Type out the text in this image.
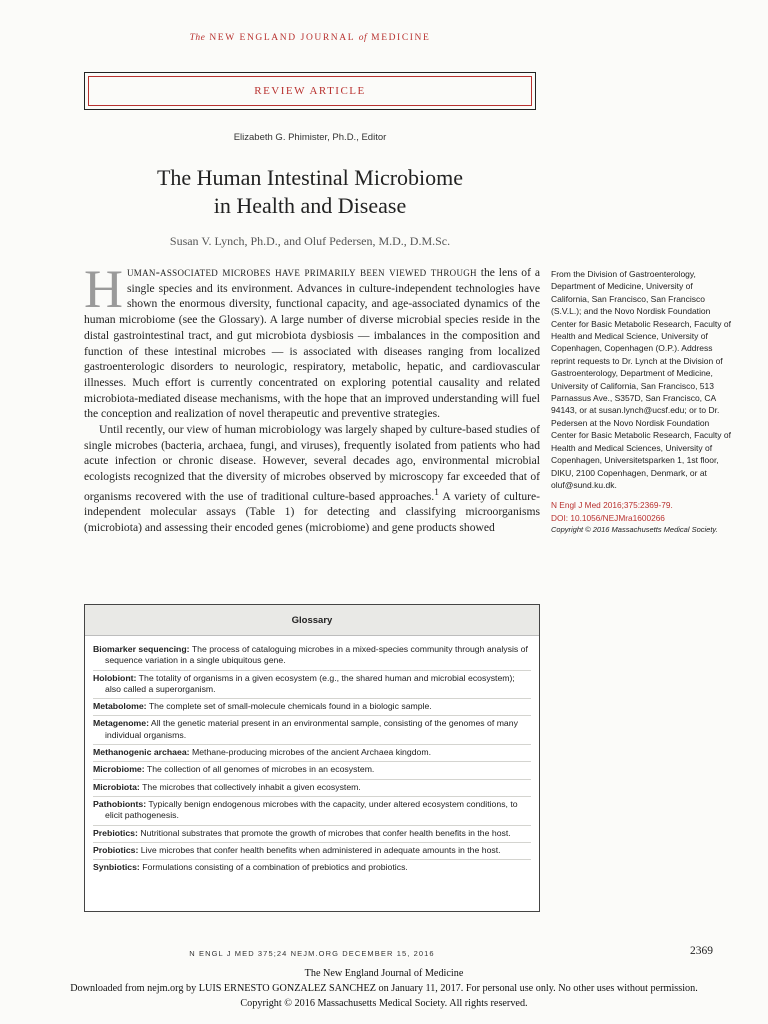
The NEW ENGLAND JOURNAL of MEDICINE
REVIEW ARTICLE
Elizabeth G. Phimister, Ph.D., Editor
The Human Intestinal Microbiome
in Health and Disease
Susan V. Lynch, Ph.D., and Oluf Pedersen, M.D., D.M.Sc.

Human-associated microbes have primarily been viewed through the lens of a single species and its environment. Advances in culture-independent technologies have shown the enormous diversity, functional capacity, and age-associated dynamics of the human microbiome (see the Glossary). A large number of diverse microbial species reside in the distal gastrointestinal tract, and gut microbiota dysbiosis — imbalances in the composition and function of these intestinal microbes — is associated with diseases ranging from localized gastroenterologic disorders to neurologic, respiratory, metabolic, hepatic, and cardiovascular illnesses. Much effort is currently concentrated on exploring potential causality and related microbiota-mediated disease mechanisms, with the hope that an improved understanding will fuel the conception and realization of novel therapeutic and preventive strategies.

Until recently, our view of human microbiology was largely shaped by culture-based studies of single microbes (bacteria, archaea, fungi, and viruses), frequently isolated from patients who had acute infection or chronic disease. However, several decades ago, environmental microbial ecologists recognized that the diversity of microbes observed by microscopy far exceeded that of organisms recovered with the use of traditional culture-based approaches.$^1$ A variety of culture-independent molecular assays (Table 1) for detecting and classifying microorganisms (microbiota) and assessing their encoded genes (microbiome) and gene products showed

From the Division of Gastroenterology, Department of Medicine, University of California, San Francisco, San Francisco (S.V.L.); and the Novo Nordisk Foundation Center for Basic Metabolic Research, Faculty of Health and Medical Science, University of Copenhagen, Copenhagen (O.P.). Address reprint requests to Dr. Lynch at the Division of Gastroenterology, Department of Medicine, University of California, San Francisco, 513 Parnassus Ave., S357D, San Francisco, CA 94143, or at susan.lynch@ucsf.edu; or to Dr. Pedersen at the Novo Nordisk Foundation Center for Basic Metabolic Research, Faculty of Health and Medical Sciences, University of Copenhagen, Universitetsparken 1, 1st floor, DIKU, 2100 Copenhagen, Denmark, or at oluf@sund.ku.dk.

N Engl J Med 2016;375:2369-79.

DOI: 10.1056/NEJMra1600266

Copyright © 2016 Massachusetts Medical Society.

Glossary
Biomarker sequencing: The process of cataloguing microbes in a mixed-species community through analysis of sequence variation in a single ubiquitous gene.
Holobiont: The totality of organisms in a given ecosystem (e.g., the shared human and microbial ecosystem); also called a superorganism.
Metabolome: The complete set of small-molecule chemicals found in a biologic sample.
Metagenome: All the genetic material present in an environmental sample, consisting of the genomes of many individual organisms.
Methanogenic archaea: Methane-producing microbes of the ancient Archaea kingdom.
Microbiome: The collection of all genomes of microbes in an ecosystem.
Microbiota: The microbes that collectively inhabit a given ecosystem.
Pathobionts: Typically benign endogenous microbes with the capacity, under altered ecosystem conditions, to elicit pathogenesis.
Prebiotics: Nutritional substrates that promote the growth of microbes that confer health benefits in the host.
Probiotics: Live microbes that confer health benefits when administered in adequate amounts in the host.
Synbiotics: Formulations consisting of a combination of prebiotics and probiotics.
N ENGL J MED 375;24 NEJM.ORG DECEMBER 15, 2016	2369
The New England Journal of Medicine
Downloaded from nejm.org by LUIS ERNESTO GONZALEZ SANCHEZ on January 11, 2017. For personal use only. No other uses without permission.
Copyright © 2016 Massachusetts Medical Society. All rights reserved.
